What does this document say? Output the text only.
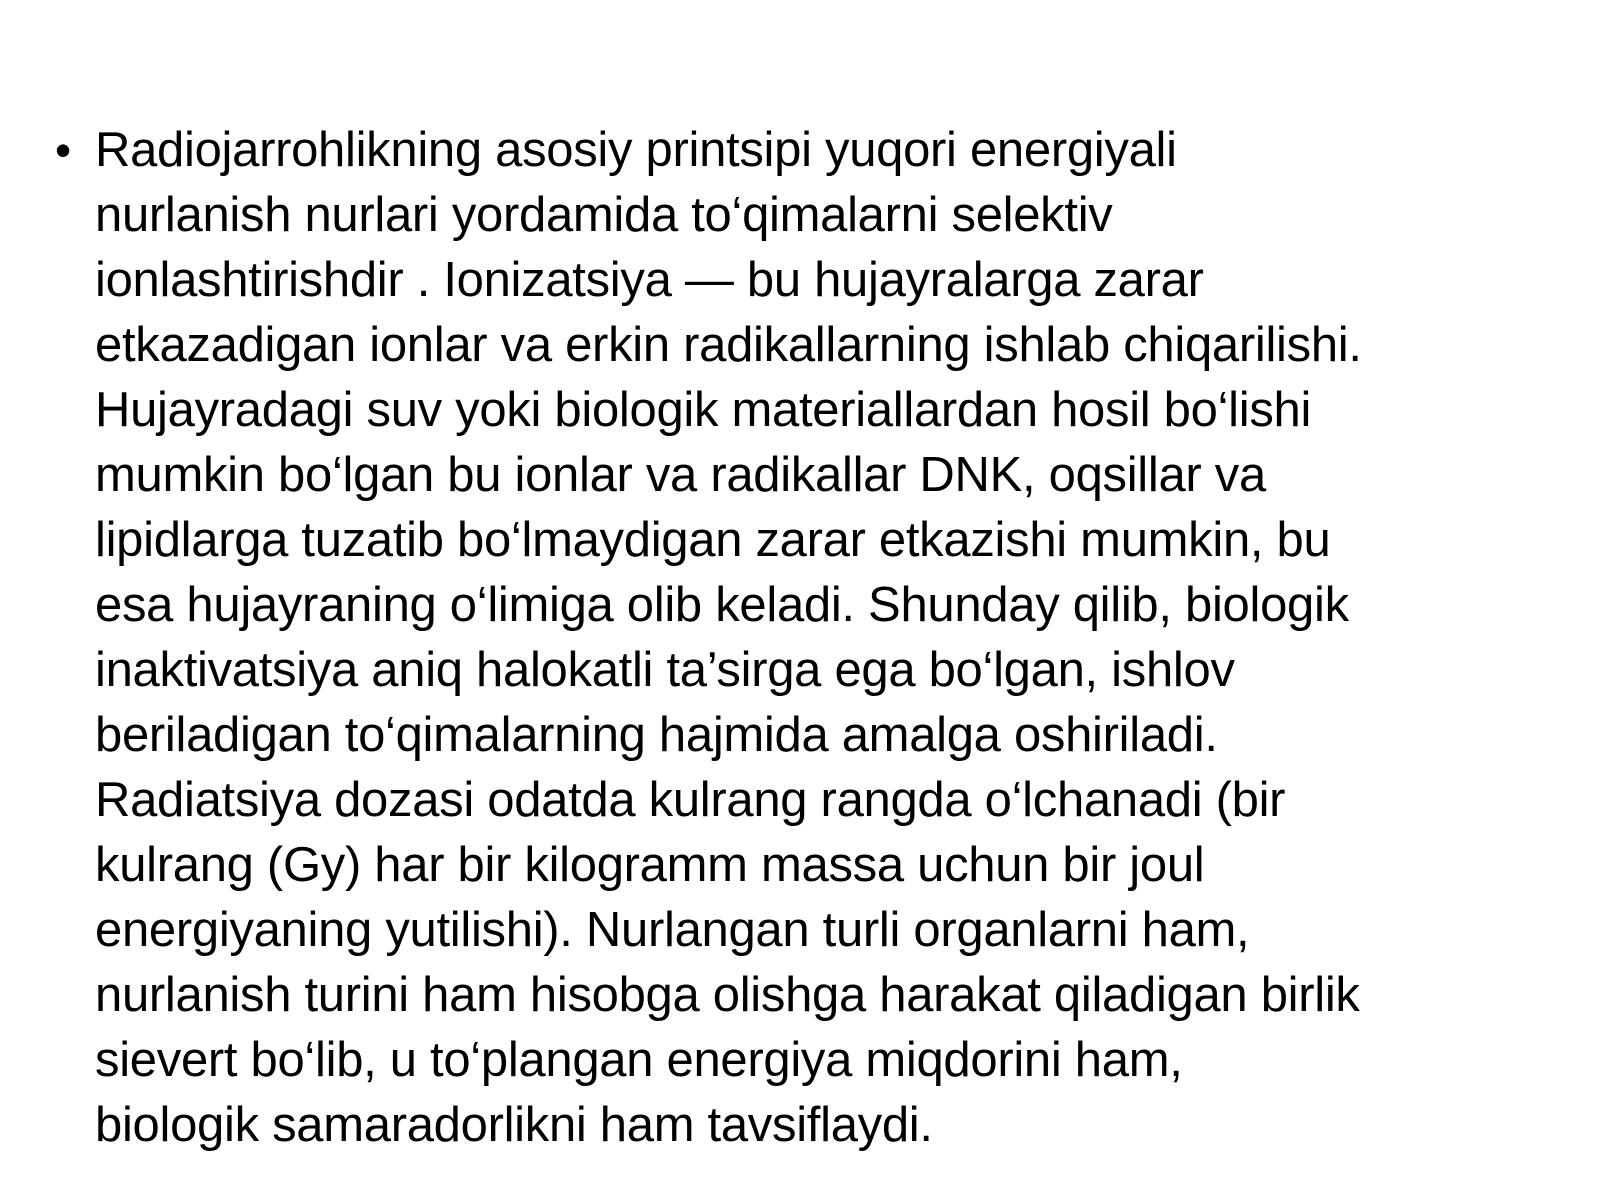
• Radiojarrohlikning asosiy printsipi yuqori energiyali
nurlanish nurlari yordamida to‘qimalarni selektiv
ionlashtirishdir . Ionizatsiya — bu hujayralarga zarar
etkazadigan ionlar va erkin radikallarning ishlab chiqarilishi.
Hujayradagi suv yoki biologik materiallardan hosil bo‘lishi
mumkin bo‘lgan bu ionlar va radikallar DNK, oqsillar va
lipidlarga tuzatib bo‘lmaydigan zarar etkazishi mumkin, bu
esa hujayraning o‘limiga olib keladi. Shunday qilib, biologik
inaktivatsiya aniq halokatli ta’sirga ega bo‘lgan, ishlov
beriladigan to‘qimalarning hajmida amalga oshiriladi.
Radiatsiya dozasi odatda kulrang rangda o‘lchanadi (bir
kulrang (Gy) har bir kilogramm massa uchun bir joul
energiyaning yutilishi). Nurlangan turli organlarni ham,
nurlanish turini ham hisobga olishga harakat qiladigan birlik
sievert bo‘lib, u to‘plangan energiya miqdorini ham,
biologik samaradorlikni ham tavsiflaydi.
